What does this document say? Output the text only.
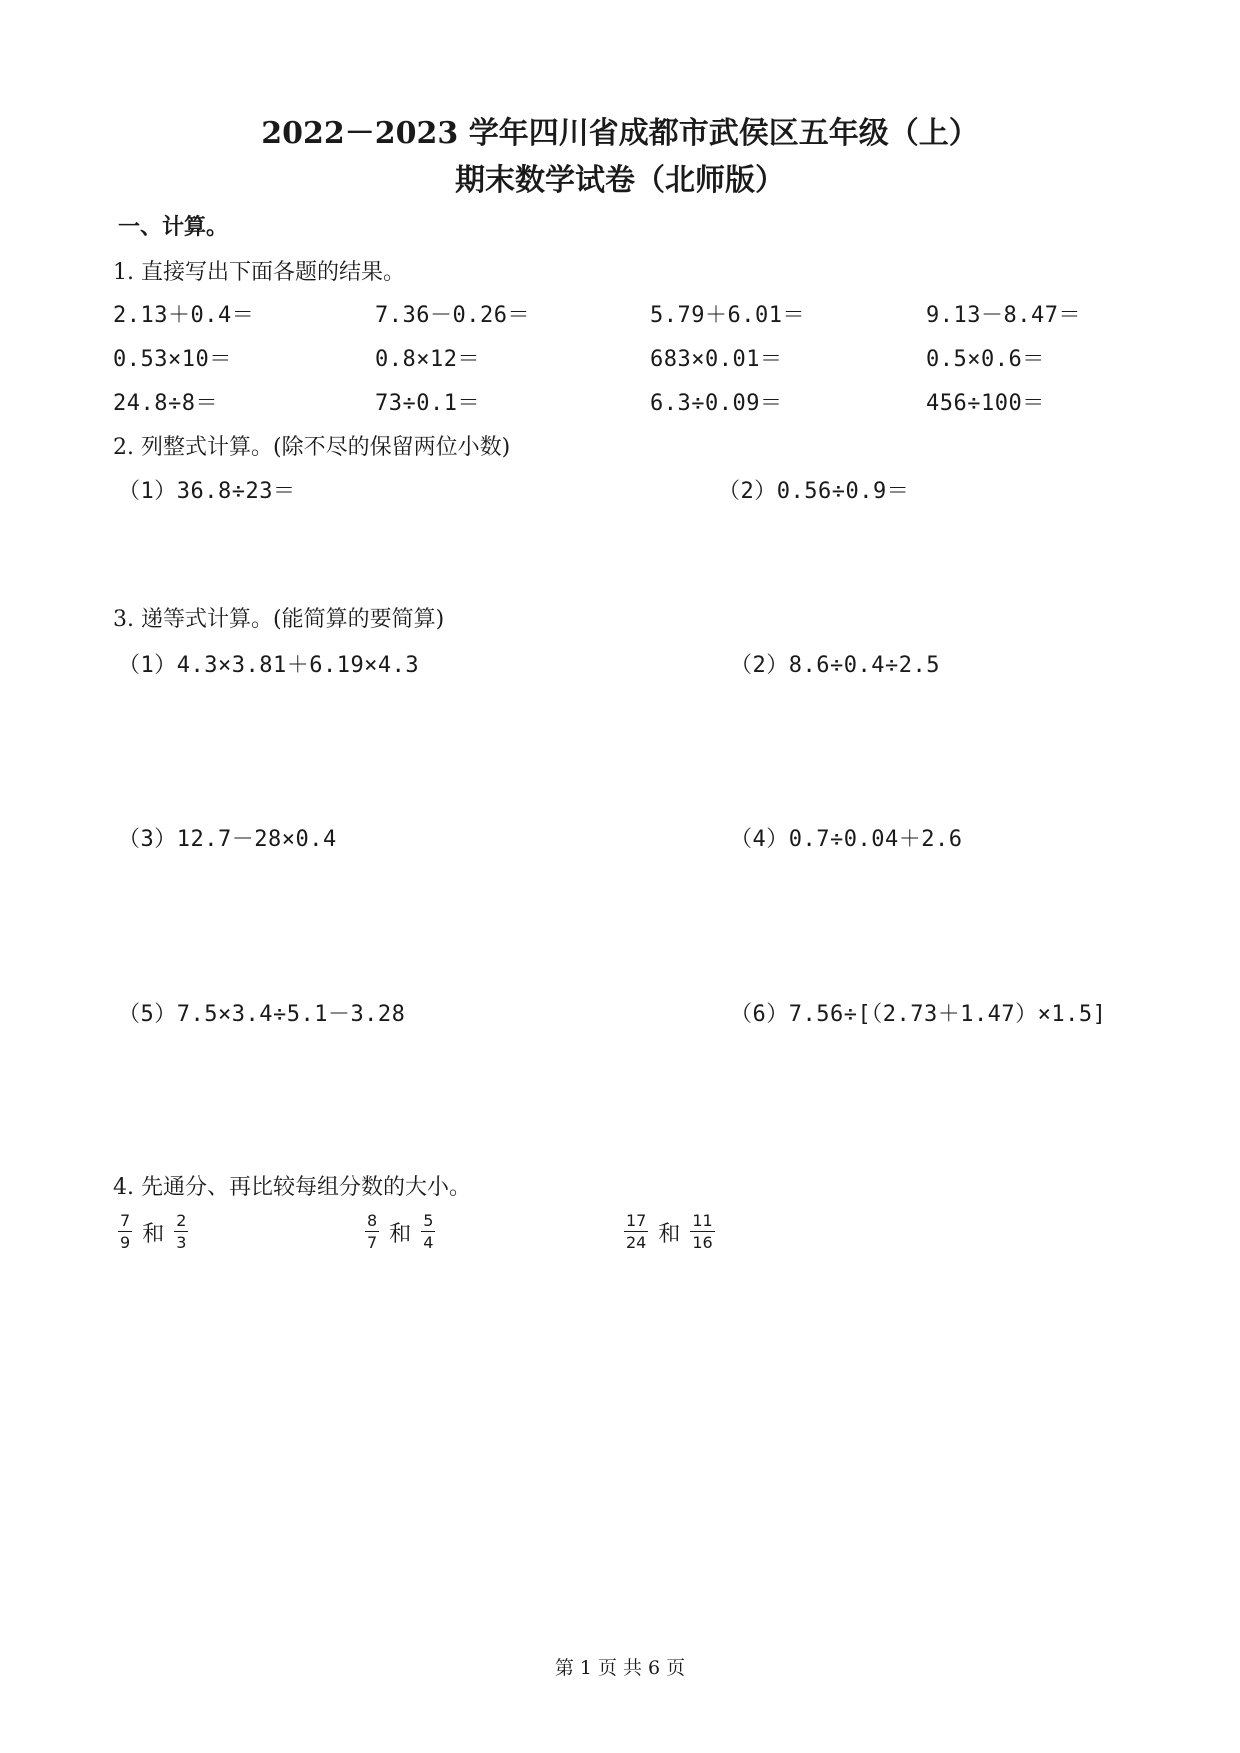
2022－2023 学年四川省成都市武侯区五年级（上）
期末数学试卷（北师版）
一、计算。
1. 直接写出下面各题的结果。
2.13＋0.4＝	7.36－0.26＝	5.79＋6.01＝	9.13－8.47＝
0.53×10＝	0.8×12＝	683×0.01＝	0.5×0.6＝
24.8÷8＝	73÷0.1＝	6.3÷0.09＝	456÷100＝
2. 列整式计算。(除不尽的保留两位小数)
（1）36.8÷23＝	（2）0.56÷0.9＝
3. 递等式计算。(能简算的要简算)
（1）4.3×3.81＋6.19×4.3	（2）8.6÷0.4÷2.5
（3）12.7－28×0.4	（4）0.7÷0.04＋2.6
（5）7.5×3.4÷5.1－3.28	（6）7.56÷[（2.73＋1.47）×1.5]
4. 先通分、再比较每组分数的大小。
$\frac{7}{9}$ 和 $\frac{2}{3}$	$\frac{8}{7}$ 和 $\frac{5}{4}$	$\frac{17}{24}$ 和 $\frac{11}{16}$
第 1 页 共 6 页
